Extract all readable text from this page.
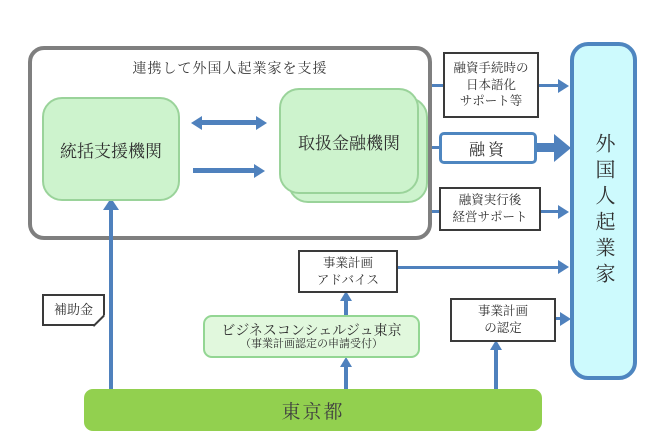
連携して外国人起業家を支援
統括支援機関	取扱金融機関	外国人起業家
融資手続時の
日本語化
サポート等
融資
融資実行後
経営サポート
事業計画
アドバイス
事業計画
の認定
補助金
ビジネスコンシェルジュ東京
（事業計画認定の申請受付）
東京都
